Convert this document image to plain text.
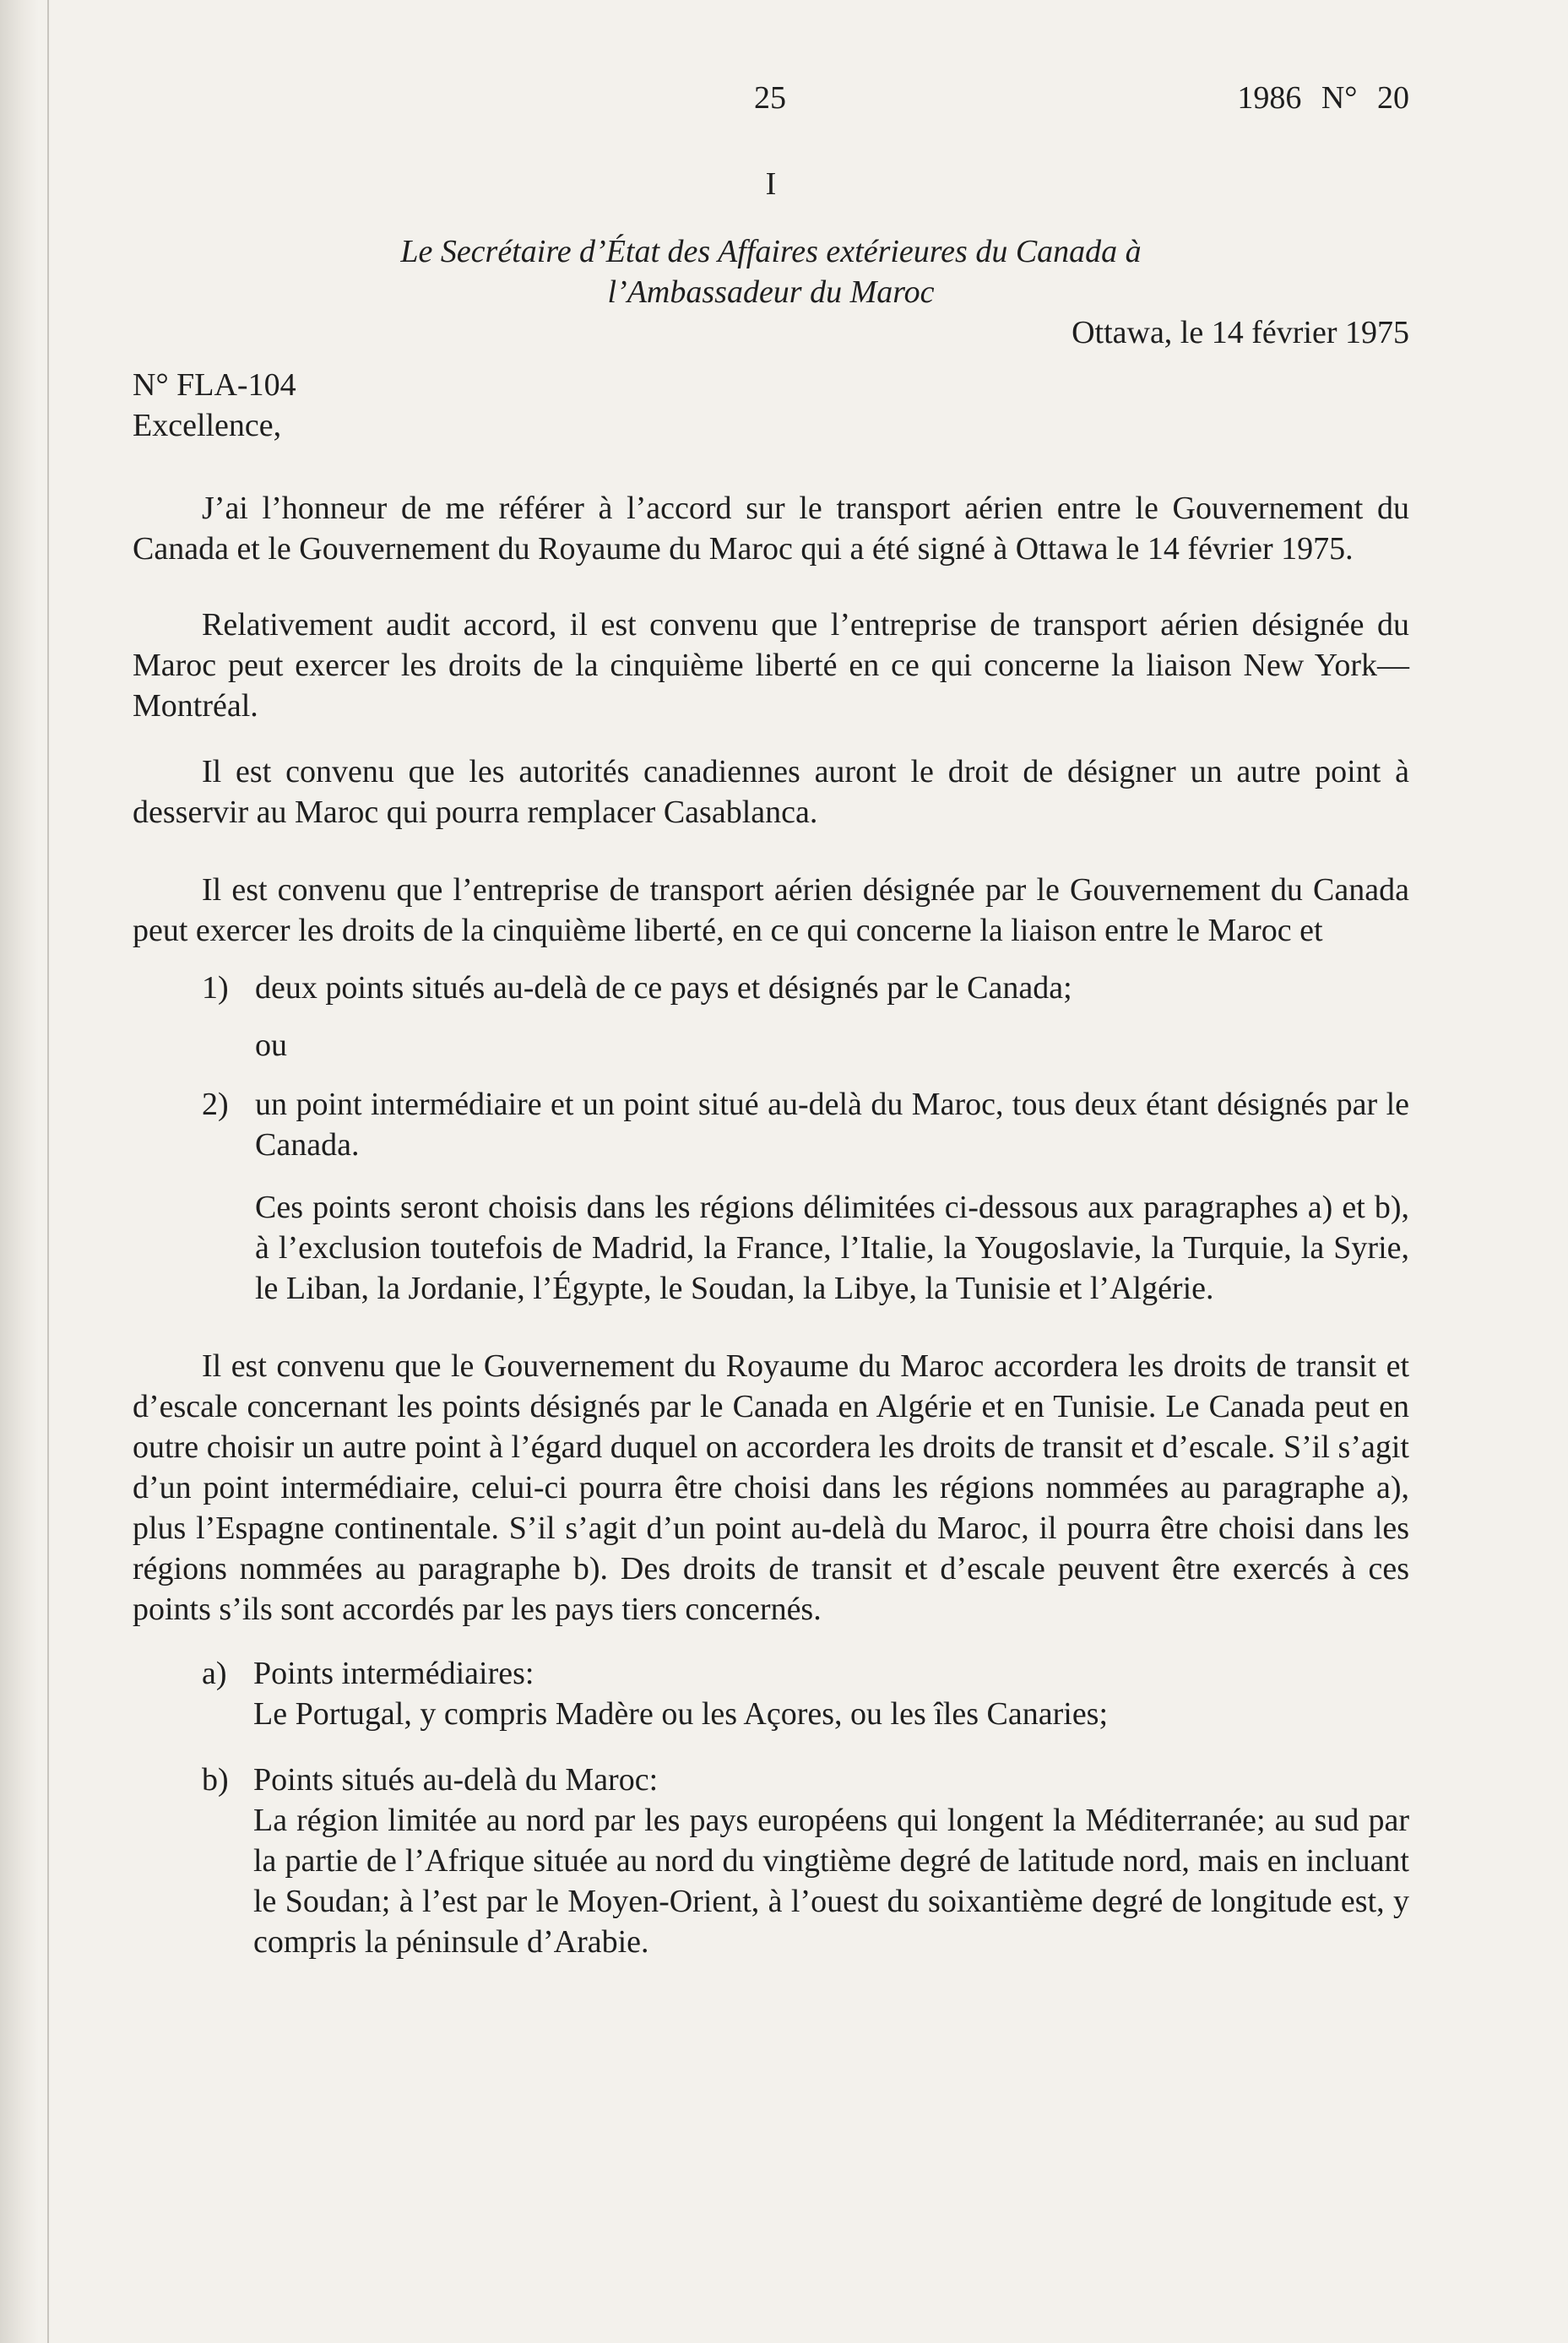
25	1986 N° 20
I
Le Secrétaire d’État des Affaires extérieures du Canada à
l’Ambassadeur du Maroc
Ottawa, le 14 février 1975
N° FLA-104
Excellence,

J’ai l’honneur de me référer à l’accord sur le transport aérien entre le Gouvernement du Canada et le Gouvernement du Royaume du Maroc qui a été signé à Ottawa le 14 février 1975.

Relativement audit accord, il est convenu que l’entreprise de transport aérien désignée du Maroc peut exercer les droits de la cinquième liberté en ce qui concerne la liaison New York—Montréal.

Il est convenu que les autorités canadiennes auront le droit de désigner un autre point à desservir au Maroc qui pourra remplacer Casablanca.

Il est convenu que l’entreprise de transport aérien désignée par le Gouvernement du Canada peut exercer les droits de la cinquième liberté, en ce qui concerne la liaison entre le Maroc et

1) deux points situés au-delà de ce pays et désignés par le Canada;
ou
2) un point intermédiaire et un point situé au-delà du Maroc, tous deux étant désignés par le Canada.
Ces points seront choisis dans les régions délimitées ci-dessous aux paragraphes a) et b), à l’exclusion toutefois de Madrid, la France, l’Italie, la Yougoslavie, la Turquie, la Syrie, le Liban, la Jordanie, l’Égypte, le Soudan, la Libye, la Tunisie et l’Algérie.

Il est convenu que le Gouvernement du Royaume du Maroc accordera les droits de transit et d’escale concernant les points désignés par le Canada en Algérie et en Tunisie. Le Canada peut en outre choisir un autre point à l’égard duquel on accordera les droits de transit et d’escale. S’il s’agit d’un point intermédiaire, celui-ci pourra être choisi dans les régions nommées au paragraphe a), plus l’Espagne continentale. S’il s’agit d’un point au-delà du Maroc, il pourra être choisi dans les régions nommées au paragraphe b). Des droits de transit et d’escale peuvent être exercés à ces points s’ils sont accordés par les pays tiers concernés.

a) Points intermédiaires:
Le Portugal, y compris Madère ou les Açores, ou les îles Canaries;
b) Points situés au-delà du Maroc:
La région limitée au nord par les pays européens qui longent la Méditerranée; au sud par la partie de l’Afrique située au nord du vingtième degré de latitude nord, mais en incluant le Soudan; à l’est par le Moyen-Orient, à l’ouest du soixantième degré de longitude est, y compris la péninsule d’Arabie.
